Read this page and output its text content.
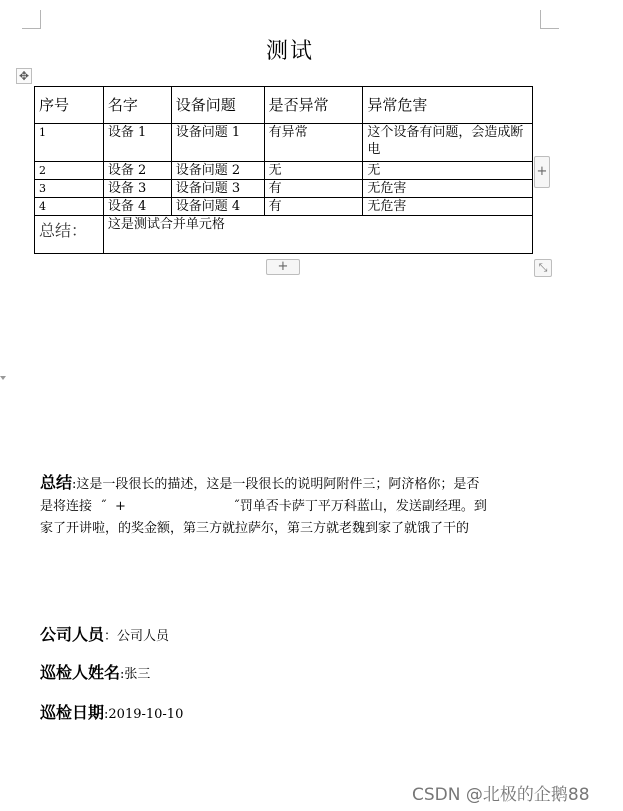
测试
✥
序号	名字	设备问题	是否异常	异常危害
1	设备 1	设备问题 1	有异常	这个设备有问题，会造成断电
2	设备 2	设备问题 2	无	无
3	设备 3	设备问题 3	有	无危害
4	设备 4	设备问题 4	有	无危害
总结：	这是测试合并单元格			
+
+	⤡
总结:这是一段很长的描述，这是一段很长的说明阿附件三；阿济格你；是否
是将连接  ˝  +                          ˝罚单否卡萨丁平万科蓝山，发送副经理。到
家了开讲啦，的奖金额，第三方就拉萨尔，第三方就老魏到家了就饿了干的
公司人员：公司人员
巡检人姓名:张三
巡检日期:2019-10-10
CSDN @北极的企鹅88
